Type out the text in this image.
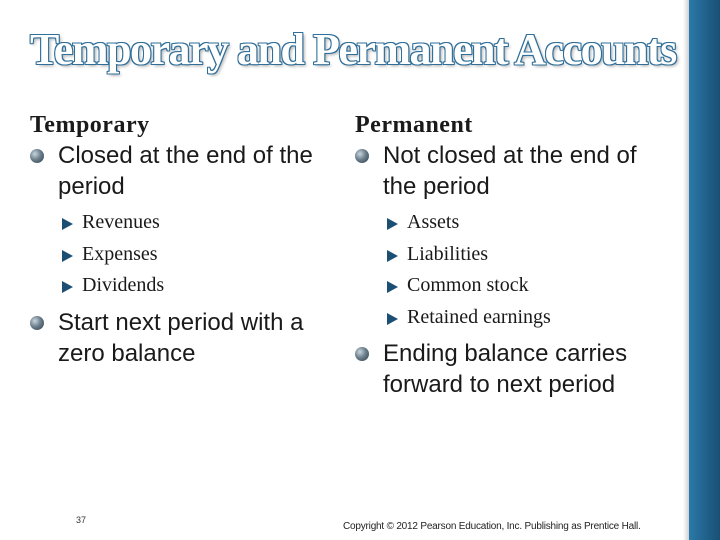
Temporary and Permanent Accounts
Temporary
Closed at the end of the period
Revenues
Expenses
Dividends
Start next period with a zero balance
Permanent
Not closed at the end of the period
Assets
Liabilities
Common stock
Retained earnings
Ending balance carries forward to next period
37
Copyright © 2012 Pearson Education, Inc. Publishing as Prentice Hall.
